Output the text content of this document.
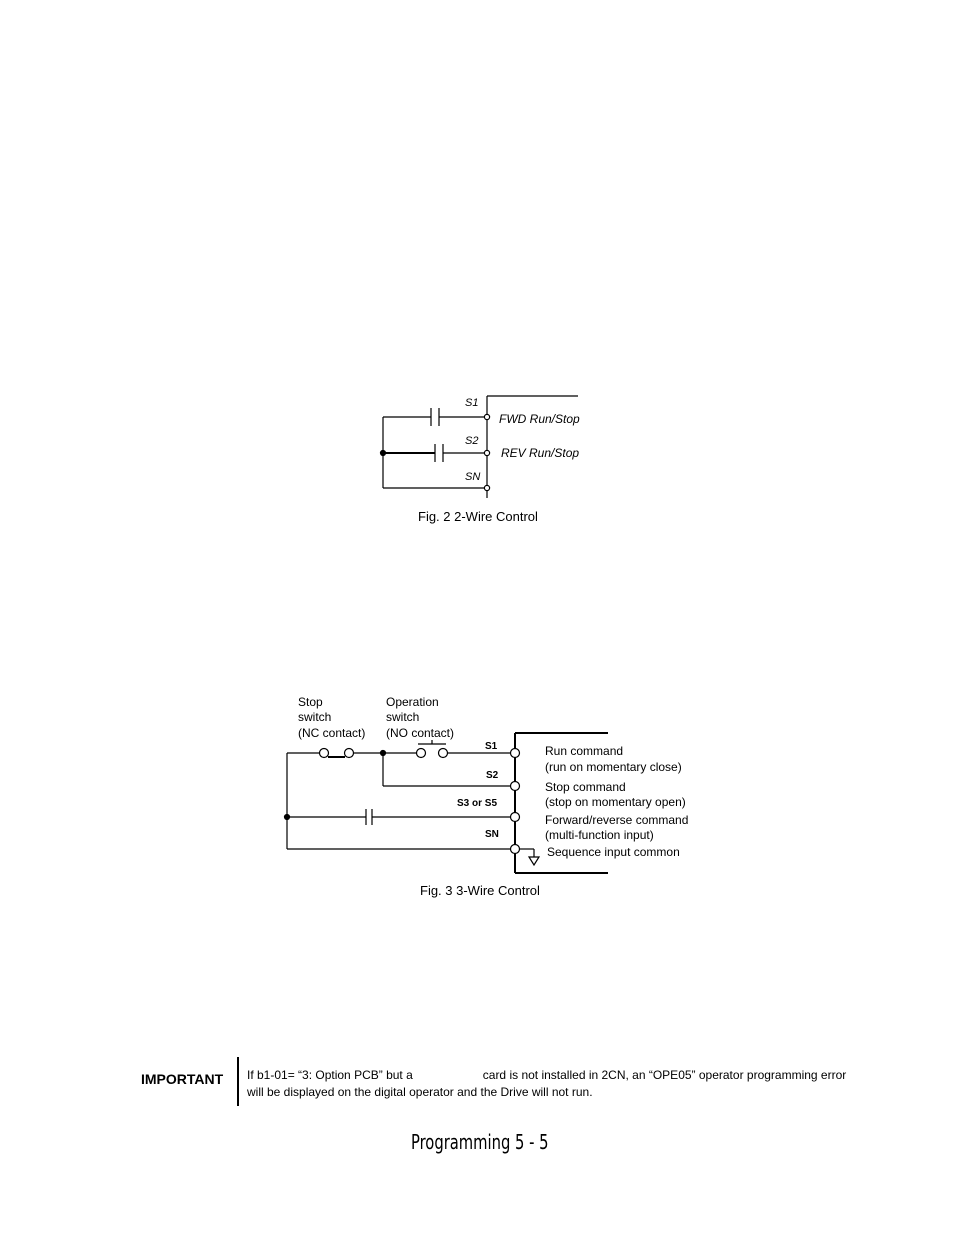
S1
S2
SN
FWD Run/Stop
REV Run/Stop
Fig. 2 2-Wire Control
Stop switch (NC contact)
Operation switch (NO contact)
S1
S2
S3 or S5
SN
Run command (run on momentary close)
Stop command (stop on momentary open)
Forward/reverse command (multi-function input)
Sequence input common
Fig. 3 3-Wire Control
IMPORTANT If b1-01= “3: Option PCB” but a	card is not installed in 2CN, an “OPE05” operator programming error will be displayed on the digital operator and the Drive will not run.
Programming 5 - 5
